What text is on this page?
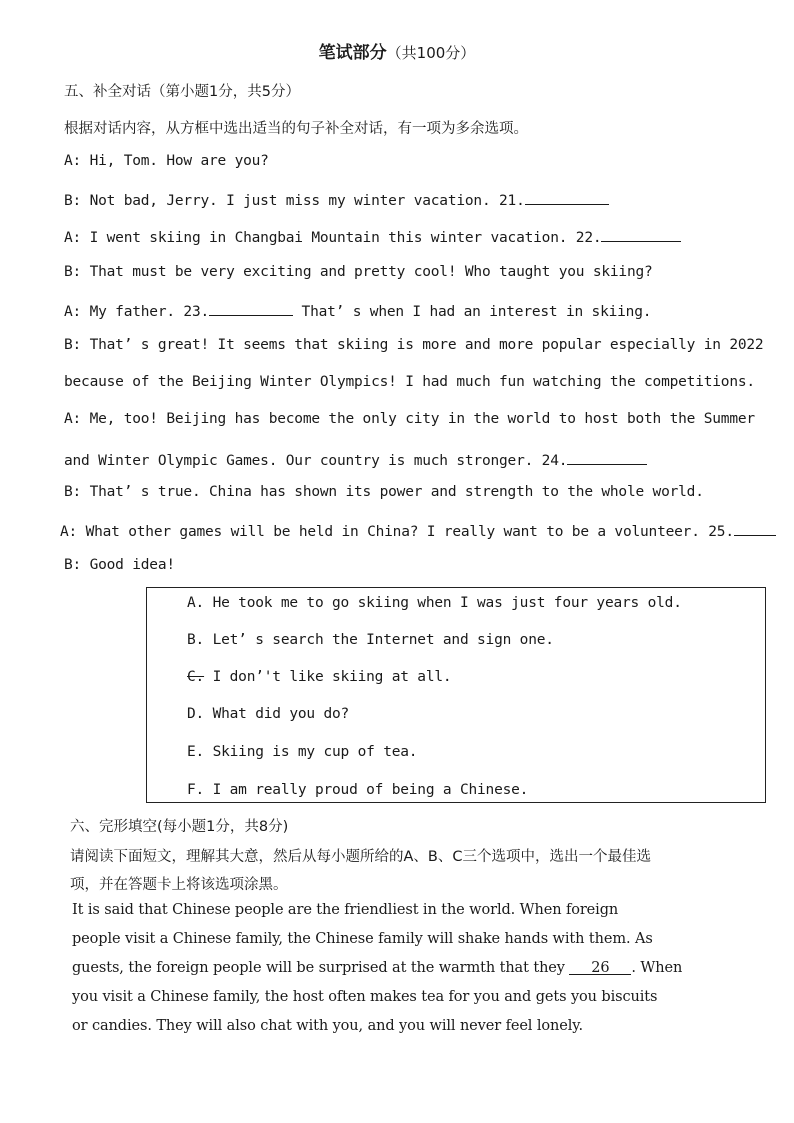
笔试部分（共100分）
五、补全对话（第小题1分，共5分）
根据对话内容，从方框中选出适当的句子补全对话，有一项为多余选项。
A: Hi, Tom. How are you?
B: Not bad, Jerry. I just miss my winter vacation. 21.
A: I went skiing in Changbai Mountain this winter vacation. 22.
B: That must be very exciting and pretty cool! Who taught you skiing?
A: My father. 23.	That’ s when I had an interest in skiing.
B: That’ s great! It seems that skiing is more and more popular especially in 2022
because of the Beijing Winter Olympics! I had much fun watching the competitions.
A: Me, too! Beijing has become the only city in the world to host both the Summer
and Winter Olympic Games. Our country is much stronger. 24.
B: That’ s true. China has shown its power and strength to the whole world.
A: What other games will be held in China? I really want to be a volunteer. 25.
B: Good idea!
A. He took me to go skiing when I was just four years old.
B. Let’ s search the Internet and sign one.
C. I don’'t like skiing at all.
D. What did you do?
E. Skiing is my cup of tea.
F. I am really proud of being a Chinese.
六、完形填空(每小题1分，共8分)
请阅读下面短文，理解其大意，然后从每小题所给的A、B、C三个选项中，选出一个最佳选
项，并在答题卡上将该选项涂黑。
It is said that Chinese people are the friendliest in the world. When foreign
people visit a Chinese family, the Chinese family will shake hands with them. As
guests, the foreign people will be surprised at the warmth that they 26 . When
you visit a Chinese family, the host often makes tea for you and gets you biscuits
or candies. They will also chat with you, and you will never feel lonely.
